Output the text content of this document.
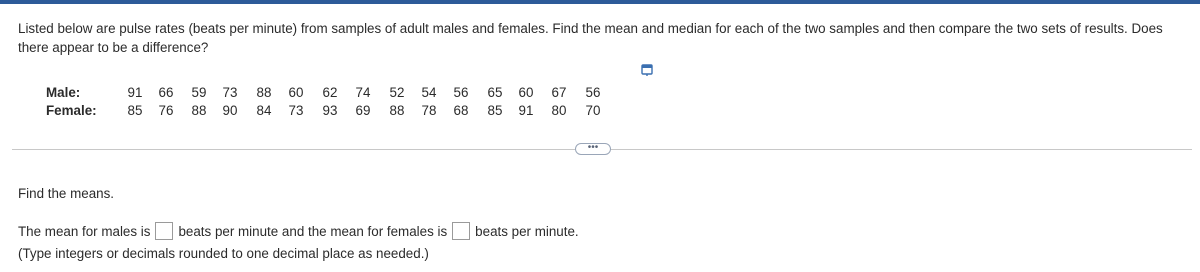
Listed below are pulse rates (beats per minute) from samples of adult males and females. Find the mean and median for each of the two samples and then compare the two sets of results. Does there appear to be a difference?
Male:	91	66	59	73	88	60	62	74	52	54	56	65	60	67	56
Female:	85	76	88	90	84	73	93	69	88	78	68	85	91	80	70
•••
Find the means.
The mean for males is beats per minute and the mean for females is beats per minute.
(Type integers or decimals rounded to one decimal place as needed.)
